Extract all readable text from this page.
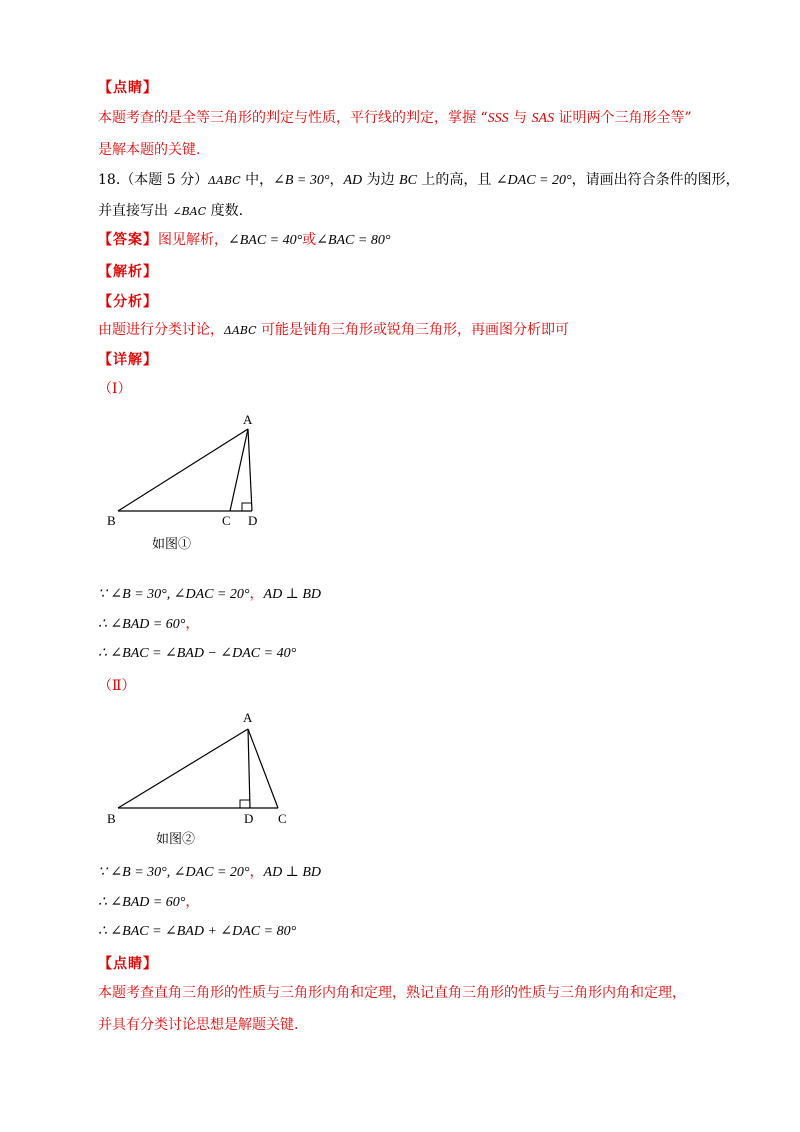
【点睛】
本题考查的是全等三角形的判定与性质，平行线的判定，掌握 “SSS 与 SAS 证明两个三角形全等”
是解本题的关键.
18.（本题 5 分）ΔABC 中，∠B = 30°，AD 为边 BC 上的高，且 ∠DAC = 20°，请画出符合条件的图形，
并直接写出 ∠BAC 度数.
【答案】图见解析，∠BAC = 40°或∠BAC = 80°
【解析】
【分析】
由题进行分类讨论，ΔABC 可能是钝角三角形或锐角三角形，再画图分析即可
【详解】
（Ⅰ）
A
B	C D
如图①
∵ ∠B = 30°, ∠DAC = 20°，AD ⊥ BD
∴ ∠BAD = 60°，
∴ ∠BAC = ∠BAD − ∠DAC = 40°
（Ⅱ）
A
B	D C
如图②
∵ ∠B = 30°, ∠DAC = 20°，AD ⊥ BD
∴ ∠BAD = 60°，
∴ ∠BAC = ∠BAD + ∠DAC = 80°
【点睛】
本题考查直角三角形的性质与三角形内角和定理，熟记直角三角形的性质与三角形内角和定理，
并具有分类讨论思想是解题关键.
